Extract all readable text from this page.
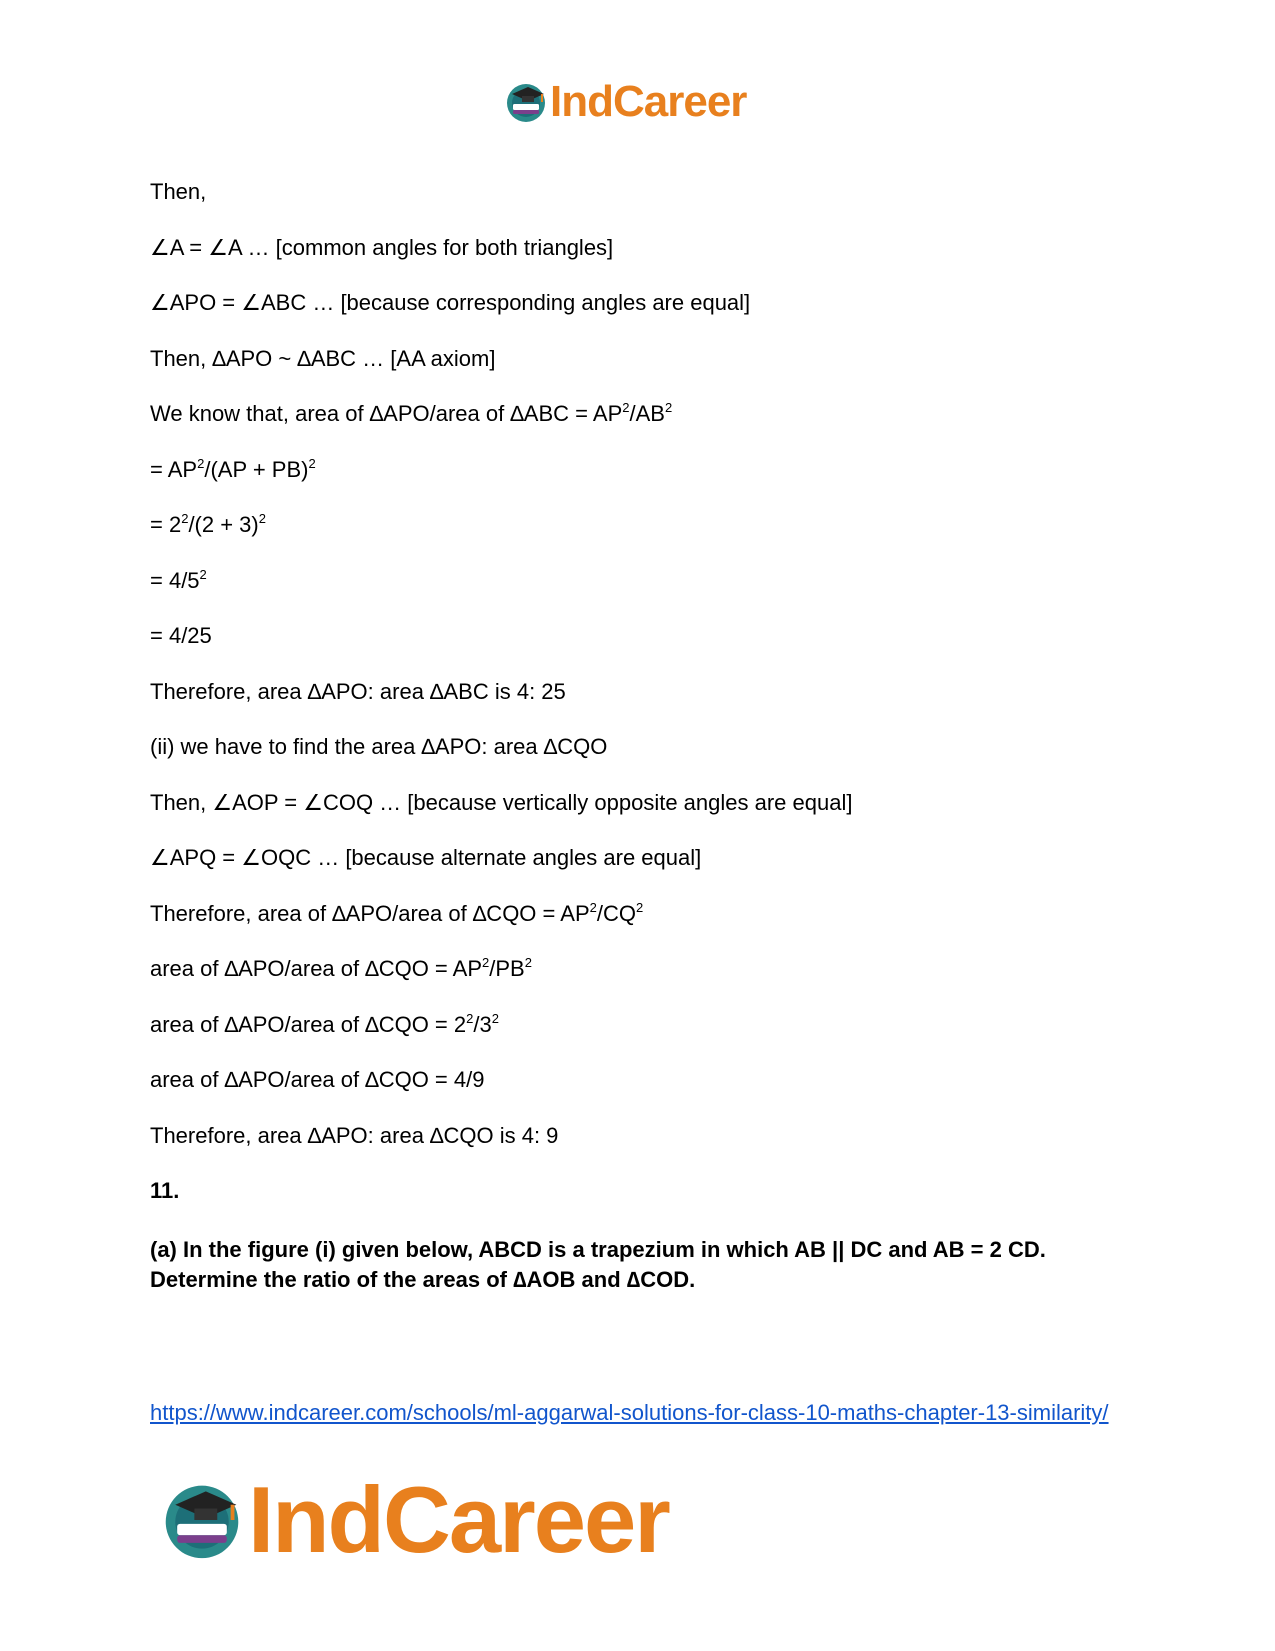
IndCareer
Then,
∠A = ∠A … [common angles for both triangles]
∠APO = ∠ABC … [because corresponding angles are equal]
Then, ∆APO ~ ∆ABC … [AA axiom]
We know that, area of ∆APO/area of $\Delta ABC = AP^2/AB^2$
= $AP^2/(AP + PB)^2$
= $2^2/(2 + 3)^2$
= $4/5^2$
= 4/25
Therefore, area ∆APO: area ∆ABC is 4: 25
(ii) we have to find the area ∆APO: area ∆CQO
Then, ∠AOP = ∠COQ … [because vertically opposite angles are equal]
∠APQ = ∠OQC … [because alternate angles are equal]
Therefore, area of ∆APO/area of $\Delta CQO = AP^2/CQ^2$
area of ∆APO/area of $\Delta CQO = AP^2/PB^2$
area of ∆APO/area of $\Delta CQO = 2^2/3^2$
area of ∆APO/area of ∆CQO = 4/9
Therefore, area ∆APO: area ∆CQO is 4: 9
11.
(a) In the figure (i) given below, ABCD is a trapezium in which AB || DC and AB = 2 CD. Determine the ratio of the areas of ∆AOB and ∆COD.
https://www.indcareer.com/schools/ml-aggarwal-solutions-for-class-10-maths-chapter-13-similarity/
IndCareer
